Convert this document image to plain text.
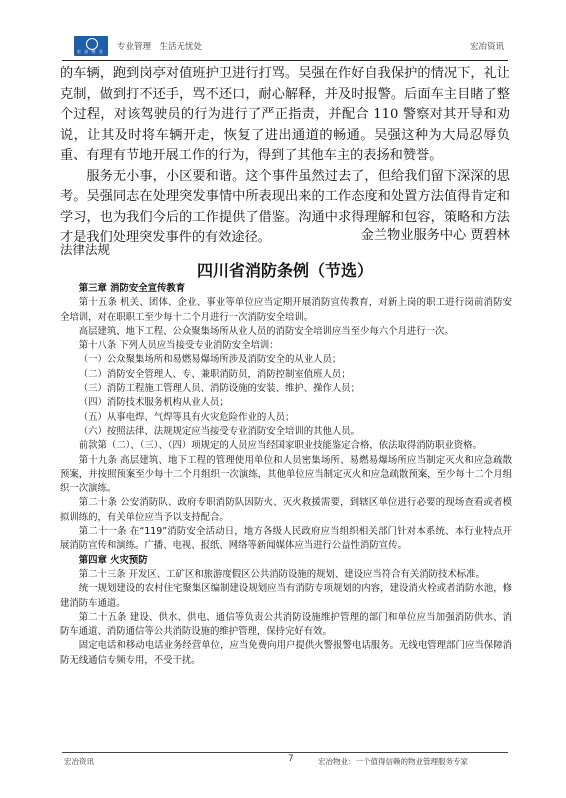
宏 冶 物 业 专业管理　生活无忧处	宏冶资讯

的车辆，跑到岗亭对值班护卫进行打骂。吴强在作好自我保护的情况下，礼让克制，做到打不还手，骂不还口，耐心解释，并及时报警。后面车主目睹了整个过程，对该驾驶员的行为进行了严正指责，并配合 110 警察对其开导和劝说，让其及时将车辆开走，恢复了进出通道的畅通。吴强这种为大局忍辱负重、有理有节地开展工作的行为，得到了其他车主的表扬和赞誉。

服务无小事，小区要和谐。这个事件虽然过去了，但给我们留下深深的思考。吴强同志在处理突发事情中所表现出来的工作态度和处置方法值得肯定和学习，也为我们今后的工作提供了借鉴。沟通中求得理解和包容，策略和方法才是我们处理突发事件的有效途径。	金兰物业服务中心 贾碧林
法律法规
四川省消防条例（节选）

第三章 消防安全宣传教育

第十五条 机关、团体、企业、事业等单位应当定期开展消防宣传教育，对新上岗的职工进行岗前消防安全培训，对在职职工至少每十二个月进行一次消防安全培训。

高层建筑、地下工程、公众聚集场所从业人员的消防安全培训应当至少每六个月进行一次。

第十八条 下列人员应当接受专业消防安全培训：

（一）公众聚集场所和易燃易爆场所涉及消防安全的从业人员；

（二）消防安全管理人、专、兼职消防员，消防控制室值班人员；

（三）消防工程施工管理人员、消防设施的安装、维护、操作人员；

（四）消防技术服务机构从业人员；

（五）从事电焊、气焊等具有火灾危险作业的人员；

（六）按照法律、法规规定应当接受专业消防安全培训的其他人员。

前款第（二）、（三）、（四）项规定的人员应当经国家职业技能鉴定合格，依法取得消防职业资格。

第十九条 高层建筑、地下工程的管理使用单位和人员密集场所、易燃易爆场所应当制定灭火和应急疏散预案，并按照预案至少每十二个月组织一次演练，其他单位应当制定灭火和应急疏散预案，至少每十二个月组织一次演练。

第二十条 公安消防队、政府专职消防队因防火、灭火救援需要，到辖区单位进行必要的现场查看或者模拟训练的，有关单位应当予以支持配合。

第二十一条 在“119”消防安全活动日，地方各级人民政府应当组织相关部门针对本系统、本行业特点开展消防宣传和演练。广播、电视、报纸、网络等新闻媒体应当进行公益性消防宣传。

第四章 火灾预防

第二十三条 开发区、工矿区和旅游度假区公共消防设施的规划、建设应当符合有关消防技术标准。

统一规划建设的农村住宅聚集区编制建设规划应当有消防专项规划的内容，建设消火栓或者消防水池，修建消防车通道。

第二十五条 建设、供水、供电、通信等负责公共消防设施维护管理的部门和单位应当加强消防供水、消防车通道、消防通信等公共消防设施的维护管理，保持完好有效。

固定电话和移动电话业务经营单位，应当免费向用户提供火警报警电话服务。无线电管理部门应当保障消防无线通信专频专用，不受干扰。

宏冶资讯	7	宏冶物业：一个值得信赖的物业管理服务专家
